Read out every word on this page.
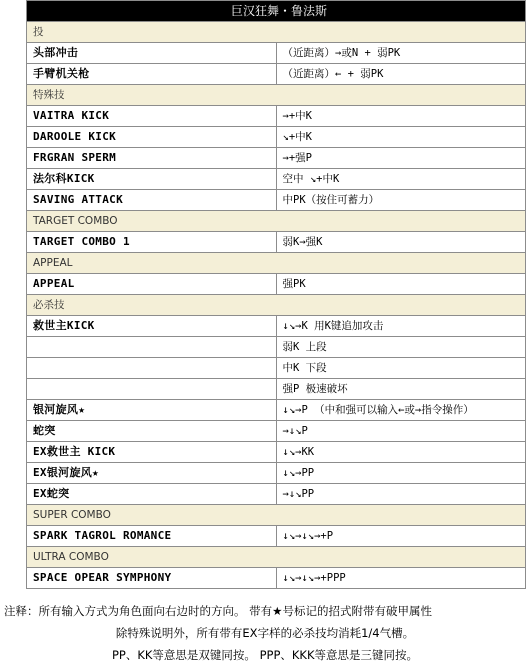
巨汉狂舞・鲁法斯	
投	
头部冲击	（近距离）→或N + 弱PK
手臂机关枪	（近距离）← + 弱PK
特殊技	
VAITRA KICK	→+中K
DAROOLE KICK	↘+中K
FRGRAN SPERM	→+强P
法尔科KICK	空中 ↘+中K
SAVING ATTACK	中PK（按住可蓄力）
TARGET COMBO	
TARGET COMBO 1	弱K→强K
APPEAL	
APPEAL	强PK
必杀技	
救世主KICK	↓↘→K 用K键追加攻击
	弱K 上段
	中K 下段
	强P 极速破坏
银河旋风★	↓↘→P （中和强可以输入←或→指令操作）
蛇突	→↓↘P
EX救世主 KICK	↓↘→KK
EX银河旋风★	↓↘→PP
EX蛇突	→↓↘PP
SUPER COMBO	
SPARK TAGROL ROMANCE	↓↘→↓↘→+P
ULTRA COMBO	
SPACE OPEAR SYMPHONY	↓↘→↓↘→+PPP
注释：所有输入方式为角色面向右边时的方向。 带有★号标记的招式附带有破甲属性
除特殊说明外，所有带有EX字样的必杀技均消耗1/4气槽。
PP、KK等意思是双键同按。 PPP、KKK等意思是三键同按。
